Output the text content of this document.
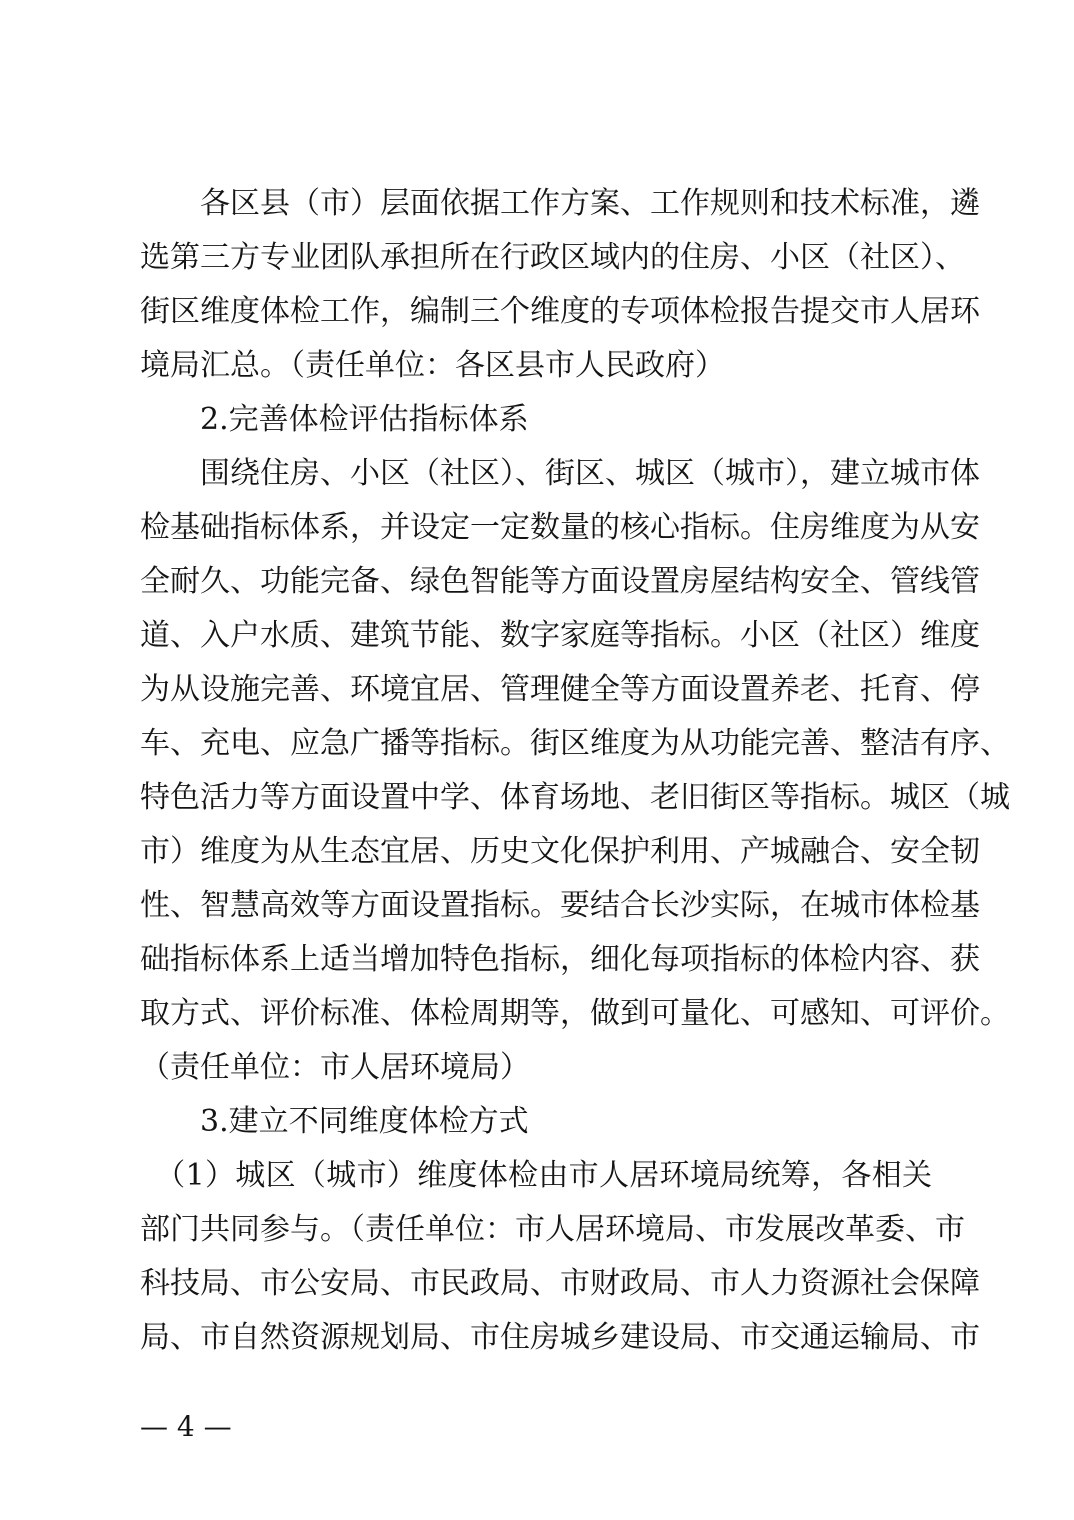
　　各区县（市）层面依据工作方案、工作规则和技术标准，遴
选第三方专业团队承担所在行政区域内的住房、小区（社区）、
街区维度体检工作，编制三个维度的专项体检报告提交市人居环
境局汇总。（责任单位：各区县市人民政府）
　　2.完善体检评估指标体系
　　围绕住房、小区（社区）、街区、城区（城市），建立城市体
检基础指标体系，并设定一定数量的核心指标。住房维度为从安
全耐久、功能完备、绿色智能等方面设置房屋结构安全、管线管
道、入户水质、建筑节能、数字家庭等指标。小区（社区）维度
为从设施完善、环境宜居、管理健全等方面设置养老、托育、停
车、充电、应急广播等指标。街区维度为从功能完善、整洁有序、
特色活力等方面设置中学、体育场地、老旧街区等指标。城区（城
市）维度为从生态宜居、历史文化保护利用、产城融合、安全韧
性、智慧高效等方面设置指标。要结合长沙实际，在城市体检基
础指标体系上适当增加特色指标，细化每项指标的体检内容、获
取方式、评价标准、体检周期等，做到可量化、可感知、可评价。
（责任单位：市人居环境局）
　　3.建立不同维度体检方式
　（1）城区（城市）维度体检由市人居环境局统筹，各相关
部门共同参与。（责任单位：市人居环境局、市发展改革委、市
科技局、市公安局、市民政局、市财政局、市人力资源社会保障
局、市自然资源规划局、市住房城乡建设局、市交通运输局、市
— 4 —
